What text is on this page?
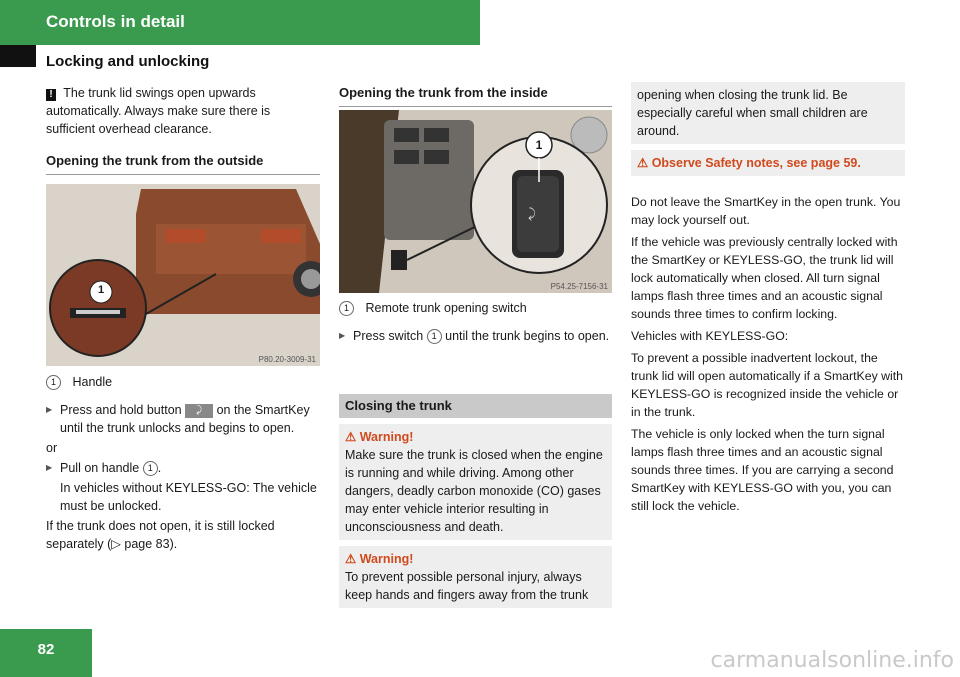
Controls in detail
Locking and unlocking

! The trunk lid swings open upwards automatically. Always make sure there is sufficient overhead clearance.

Opening the trunk from the outside
1
P80.20-3009-31

1 Handle

▶ Press and hold button ⤸ on the SmartKey until the trunk unlocks and begins to open.

or

▶ Pull on handle 1 .

In vehicles without KEYLESS-GO: The vehicle must be unlocked.

If the trunk does not open, it is still locked separately (▷ page 83).

Opening the trunk from the inside
1
⤸
P54.25-7156-31

1 Remote trunk opening switch

▶ Press switch 1 until the trunk begins to open.

Closing the trunk
⚠ Warning!
Make sure the trunk is closed when the engine is running and while driving. Among other dangers, deadly carbon monoxide (CO) gases may enter vehicle interior resulting in unconsciousness and death.
⚠ Warning!
To prevent possible personal injury, always keep hands and fingers away from the trunk
opening when closing the trunk lid. Be especially careful when small children are around.
⚠ Observe Safety notes, see page 59.

Do not leave the SmartKey in the open trunk. You may lock yourself out.

If the vehicle was previously centrally locked with the SmartKey or KEYLESS-GO, the trunk lid will lock automatically when closed. All turn signal lamps flash three times and an acoustic signal sounds three times to confirm locking.

Vehicles with KEYLESS-GO:

To prevent a possible inadvertent lockout, the trunk lid will open automatically if a SmartKey with KEYLESS-GO is recognized inside the vehicle or in the trunk.

The vehicle is only locked when the turn signal lamps flash three times and an acoustic signal sounds three times. If you are carrying a second SmartKey with KEYLESS-GO with you, you can still lock the vehicle.

82	carmanualsonline.info
